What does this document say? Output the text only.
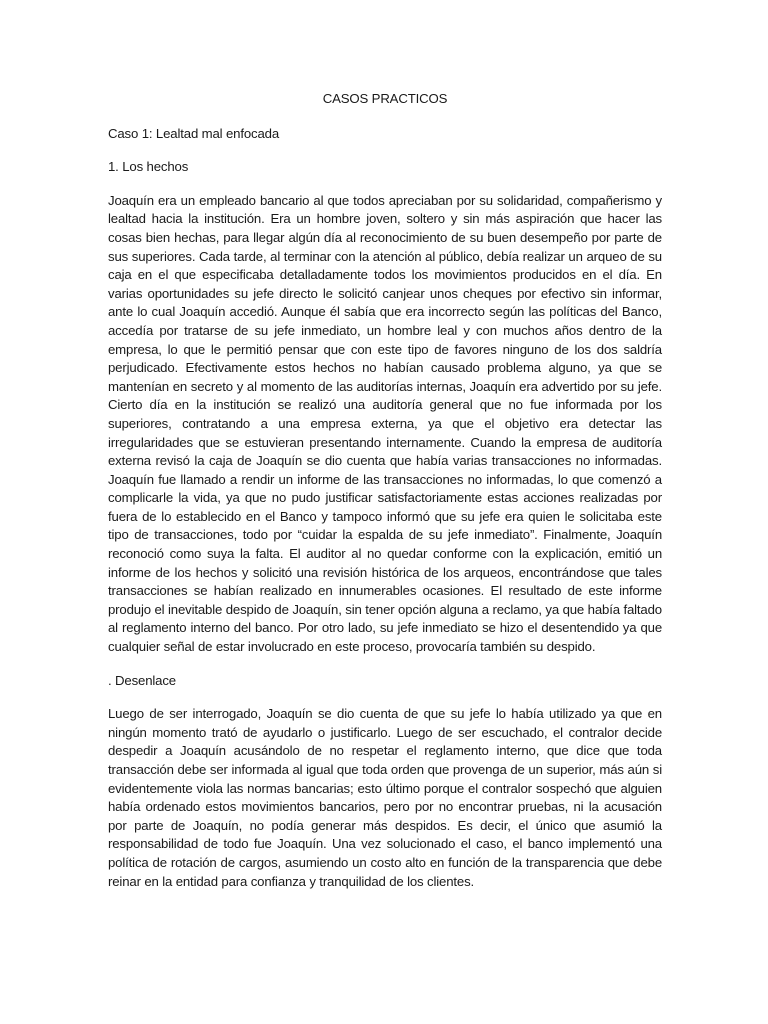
CASOS PRACTICOS

Caso 1: Lealtad mal enfocada

1. Los hechos

Joaquín era un empleado bancario al que todos apreciaban por su solidaridad, compañerismo y lealtad hacia la institución. Era un hombre joven, soltero y sin más aspiración que hacer las cosas bien hechas, para llegar algún día al reconocimiento de su buen desempeño por parte de sus superiores. Cada tarde, al terminar con la atención al público, debía realizar un arqueo de su caja en el que especificaba detalladamente todos los movimientos producidos en el día. En varias oportunidades su jefe directo le solicitó canjear unos cheques por efectivo sin informar, ante lo cual Joaquín accedió. Aunque él sabía que era incorrecto según las políticas del Banco, accedía por tratarse de su jefe inmediato, un hombre leal y con muchos años dentro de la empresa, lo que le permitió pensar que con este tipo de favores ninguno de los dos saldría perjudicado. Efectivamente estos hechos no habían causado problema alguno, ya que se mantenían en secreto y al momento de las auditorías internas, Joaquín era advertido por su jefe. Cierto día en la institución se realizó una auditoría general que no fue informada por los superiores, contratando a una empresa externa, ya que el objetivo era detectar las irregularidades que se estuvieran presentando internamente. Cuando la empresa de auditoría externa revisó la caja de Joaquín se dio cuenta que había varias transacciones no informadas. Joaquín fue llamado a rendir un informe de las transacciones no informadas, lo que comenzó a complicarle la vida, ya que no pudo justificar satisfactoriamente estas acciones realizadas por fuera de lo establecido en el Banco y tampoco informó que su jefe era quien le solicitaba este tipo de transacciones, todo por “cuidar la espalda de su jefe inmediato”. Finalmente, Joaquín reconoció como suya la falta. El auditor al no quedar conforme con la explicación, emitió un informe de los hechos y solicitó una revisión histórica de los arqueos, encontrándose que tales transacciones se habían realizado en innumerables ocasiones. El resultado de este informe produjo el inevitable despido de Joaquín, sin tener opción alguna a reclamo, ya que había faltado al reglamento interno del banco. Por otro lado, su jefe inmediato se hizo el desentendido ya que cualquier señal de estar involucrado en este proceso, provocaría también su despido.

. Desenlace

Luego de ser interrogado, Joaquín se dio cuenta de que su jefe lo había utilizado ya que en ningún momento trató de ayudarlo o justificarlo. Luego de ser escuchado, el contralor decide despedir a Joaquín acusándolo de no respetar el reglamento interno, que dice que toda transacción debe ser informada al igual que toda orden que provenga de un superior, más aún si evidentemente viola las normas bancarias; esto último porque el contralor sospechó que alguien había ordenado estos movimientos bancarios, pero por no encontrar pruebas, ni la acusación por parte de Joaquín, no podía generar más despidos. Es decir, el único que asumió la responsabilidad de todo fue Joaquín. Una vez solucionado el caso, el banco implementó una política de rotación de cargos, asumiendo un costo alto en función de la transparencia que debe reinar en la entidad para confianza y tranquilidad de los clientes.
